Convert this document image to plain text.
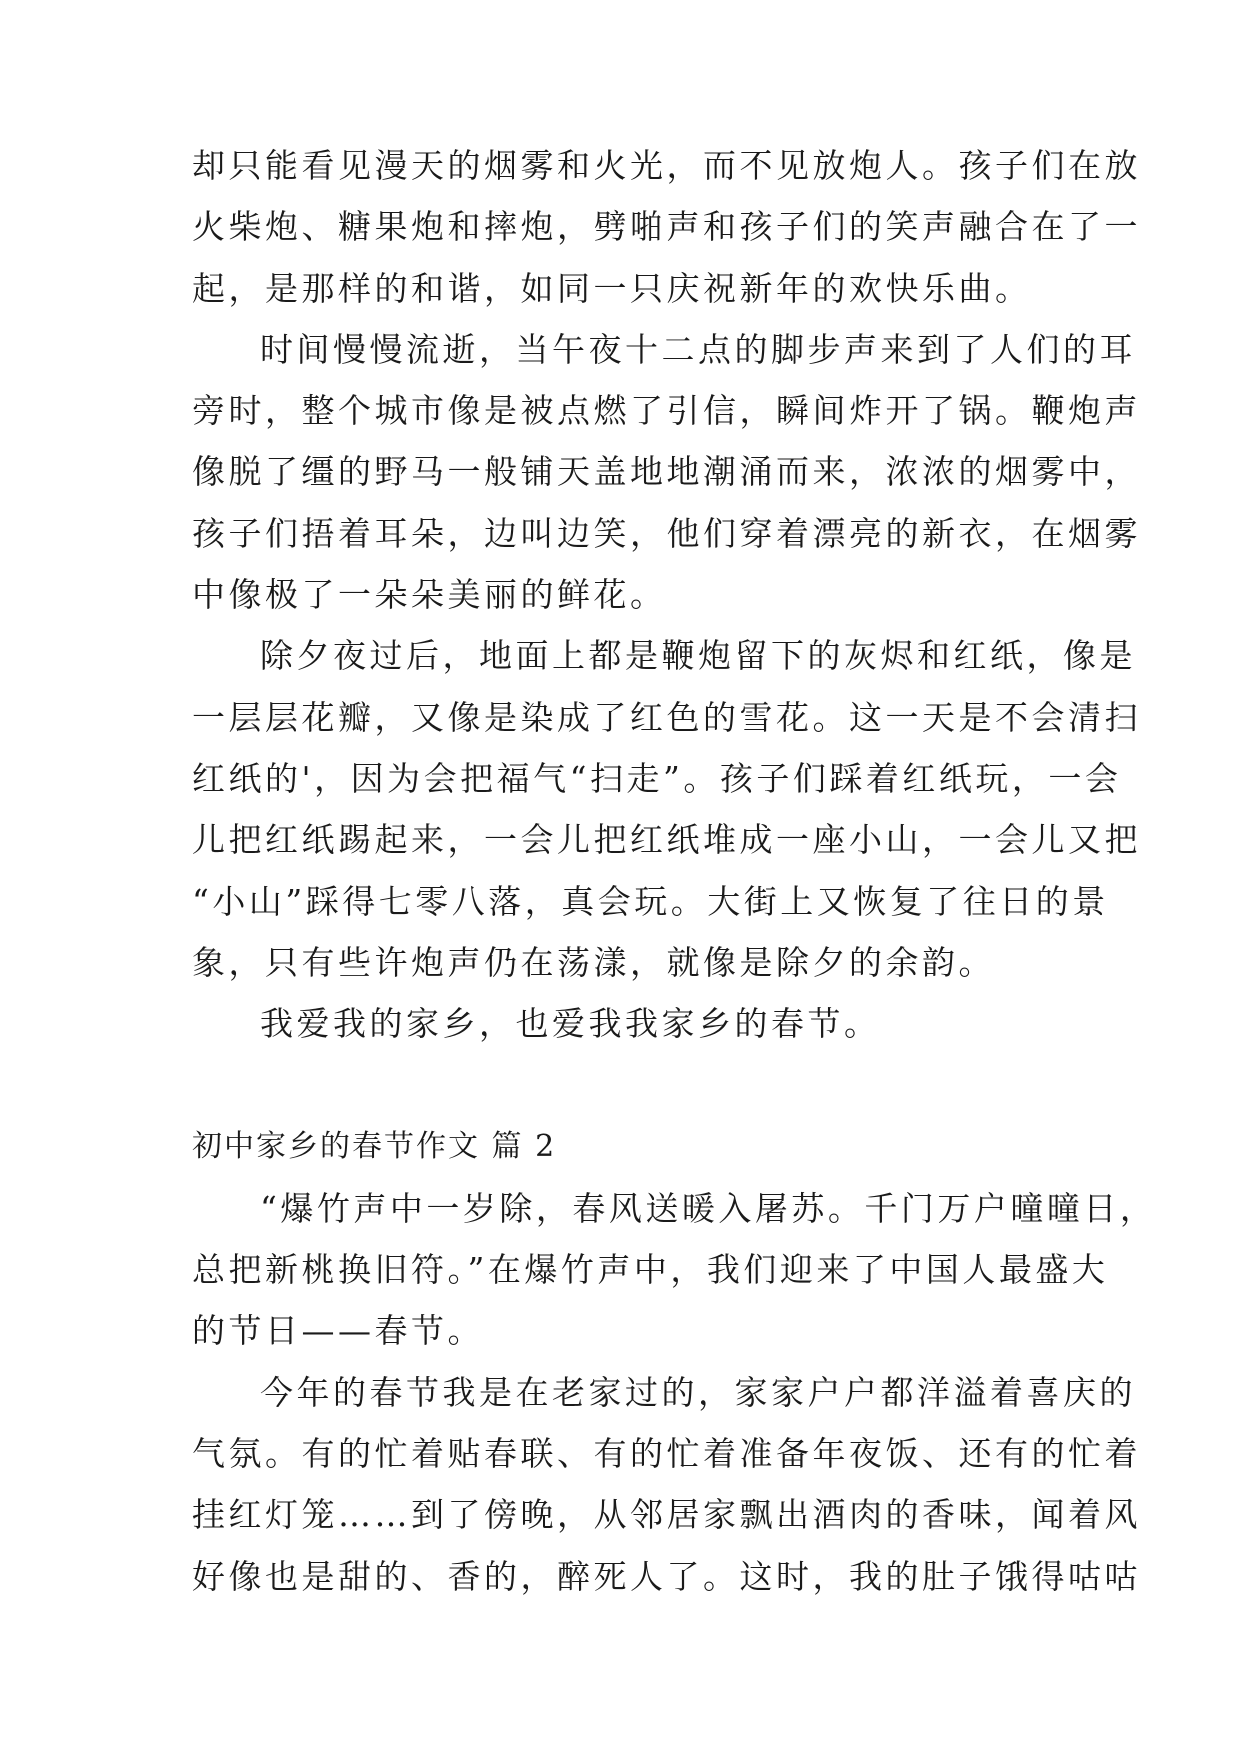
却只能看见漫天的烟雾和火光，而不见放炮人。孩子们在放
火柴炮、糖果炮和摔炮，劈啪声和孩子们的笑声融合在了一
起，是那样的和谐，如同一只庆祝新年的欢快乐曲。
时间慢慢流逝，当午夜十二点的脚步声来到了人们的耳
旁时，整个城市像是被点燃了引信，瞬间炸开了锅。鞭炮声
像脱了缰的野马一般铺天盖地地潮涌而来，浓浓的烟雾中，
孩子们捂着耳朵，边叫边笑，他们穿着漂亮的新衣，在烟雾
中像极了一朵朵美丽的鲜花。
除夕夜过后，地面上都是鞭炮留下的灰烬和红纸，像是
一层层花瓣，又像是染成了红色的雪花。这一天是不会清扫
红纸的'，因为会把福气“扫走”。孩子们踩着红纸玩，一会
儿把红纸踢起来，一会儿把红纸堆成一座小山，一会儿又把
“小山”踩得七零八落，真会玩。大街上又恢复了往日的景
象，只有些许炮声仍在荡漾，就像是除夕的余韵。
我爱我的家乡，也爱我我家乡的春节。
初中家乡的春节作文 篇 2
“爆竹声中一岁除，春风送暖入屠苏。千门万户曈曈日，
总把新桃换旧符。”在爆竹声中，我们迎来了中国人最盛大
的节日——春节。
今年的春节我是在老家过的，家家户户都洋溢着喜庆的
气氛。有的忙着贴春联、有的忙着准备年夜饭、还有的忙着
挂红灯笼……到了傍晚，从邻居家飘出酒肉的香味，闻着风
好像也是甜的、香的，醉死人了。这时，我的肚子饿得咕咕
